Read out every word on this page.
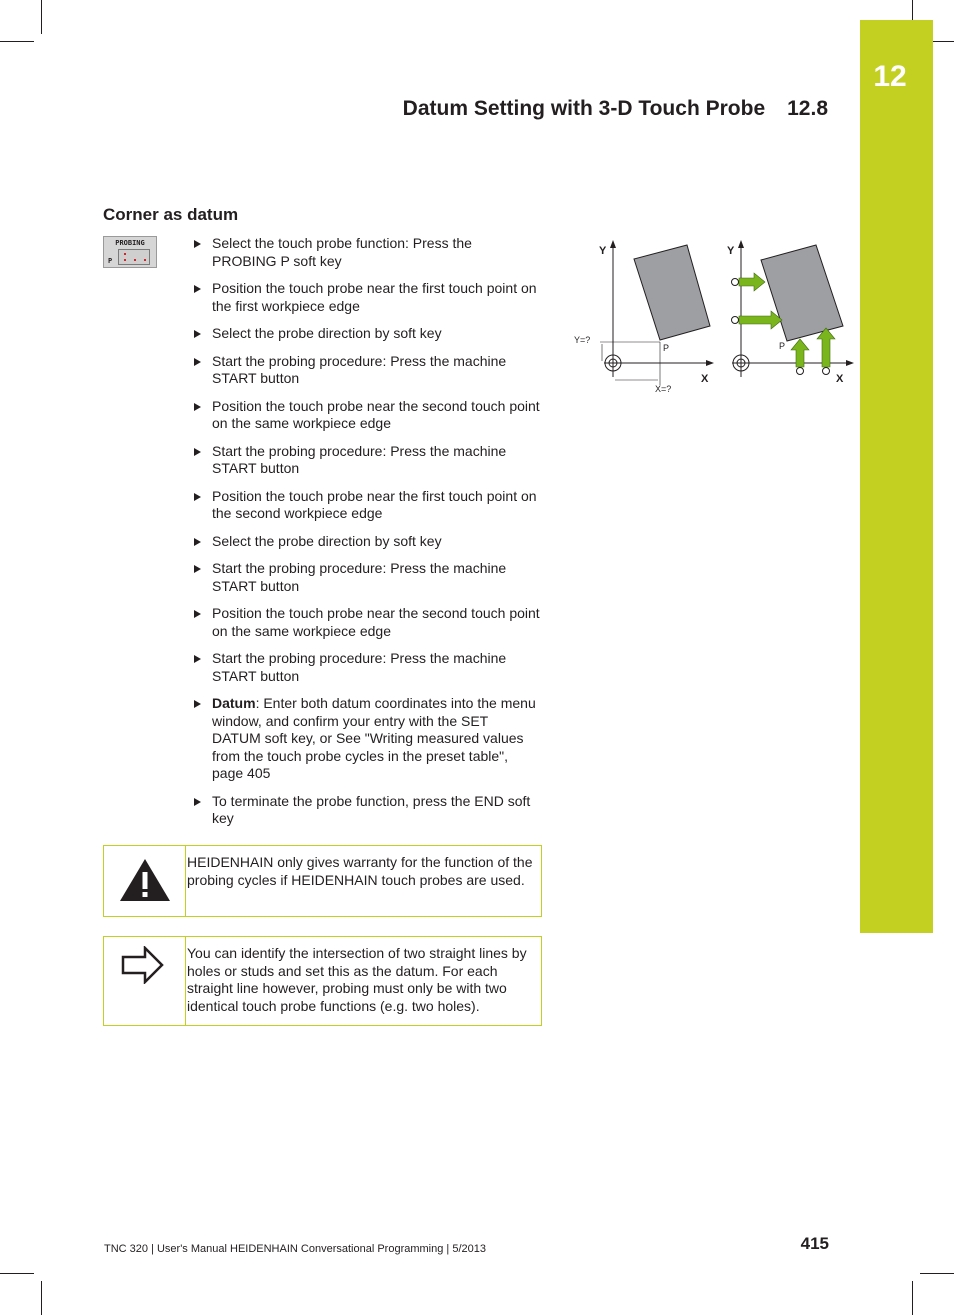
12
Datum Setting with 3-D Touch Probe 12.8
Corner as datum
PROBING
P
Select the touch probe function: Press the PROBING P soft key
Position the touch probe near the first touch point on the first workpiece edge
Select the probe direction by soft key
Start the probing procedure: Press the machine START button
Position the touch probe near the second touch point on the same workpiece edge
Start the probing procedure: Press the machine START button
Position the touch probe near the first touch point on the second workpiece edge
Select the probe direction by soft key
Start the probing procedure: Press the machine START button
Position the touch probe near the second touch point on the same workpiece edge
Start the probing procedure: Press the machine START button
Datum: Enter both datum coordinates into the menu window, and confirm your entry with the SET DATUM soft key, or See "Writing measured values from the touch probe cycles in the preset table", page 405
To terminate the probe function, press the END soft key
HEIDENHAIN only gives warranty for the function of the probing cycles if HEIDENHAIN touch probes are used.
You can identify the intersection of two straight lines by holes or studs and set this as the datum. For each straight line however, probing must only be with two identical touch probe functions (e.g. two holes).
Y
X
Y=?
X=?
P
Y
X
P
TNC 320 | User's Manual HEIDENHAIN Conversational Programming | 5/2013	415
